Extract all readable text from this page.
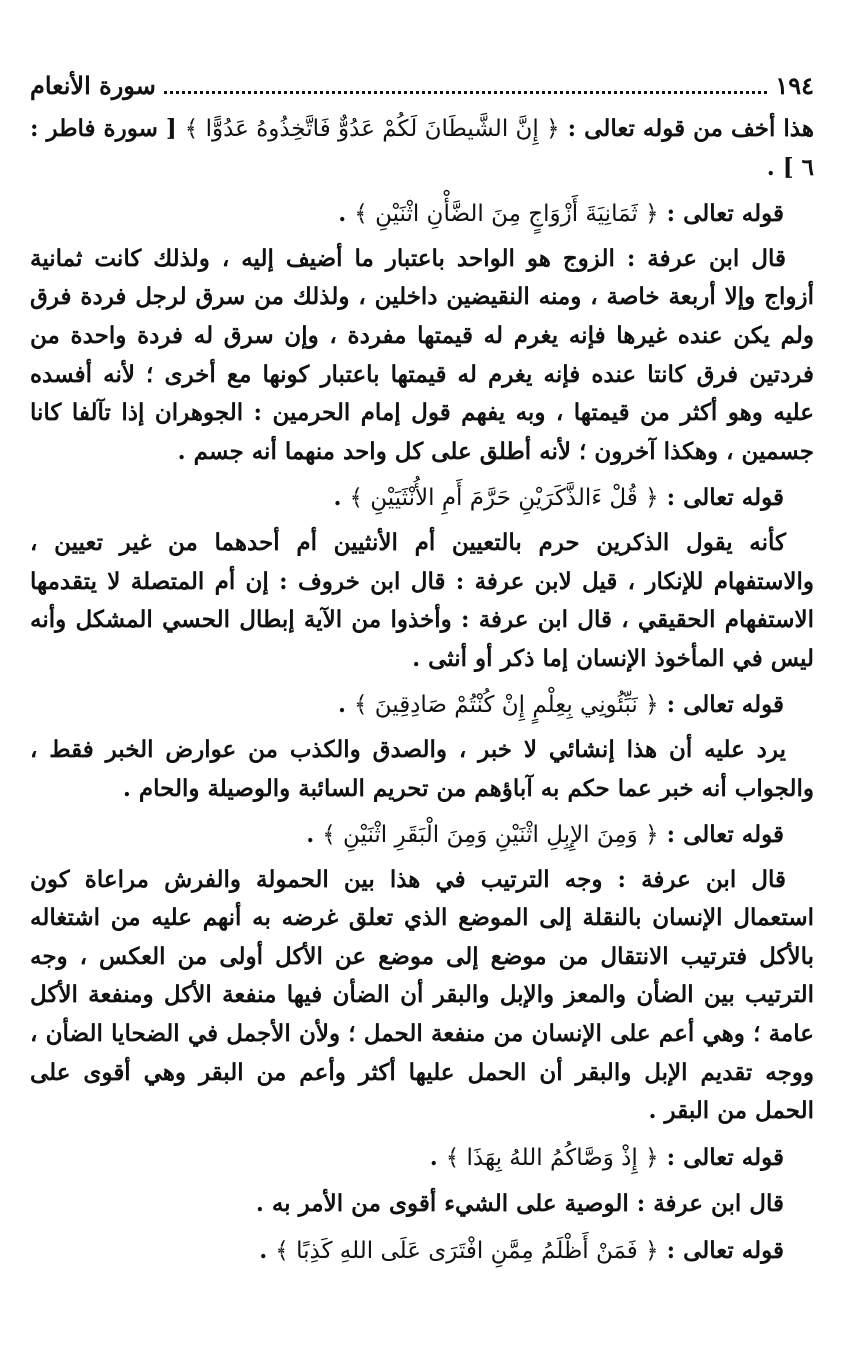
١٩٤
سورة الأنعام

هذا أخف من قوله تعالى : ﴿ إِنَّ الشَّيطَانَ لَكُمْ عَدُوٌّ فَاتَّخِذُوهُ عَدُوًّا ﴾ [ سورة فاطر : ٦ ] .

قوله تعالى : ﴿ ثَمَانِيَةَ أَزْوَاجٍ مِنَ الضَّأْنِ اثْنَيْنِ ﴾ .

قال ابن عرفة : الزوج هو الواحد باعتبار ما أضيف إليه ، ولذلك كانت ثمانية أزواج وإلا أربعة خاصة ، ومنه النقيضين داخلين ، ولذلك من سرق لرجل فردة فرق ولم يكن عنده غيرها فإنه يغرم له قيمتها مفردة ، وإن سرق له فردة واحدة من فردتين فرق كانتا عنده فإنه يغرم له قيمتها باعتبار كونها مع أخرى ؛ لأنه أفسده عليه وهو أكثر من قيمتها ، وبه يفهم قول إمام الحرمين : الجوهران إذا تآلفا كانا جسمين ، وهكذا آخرون ؛ لأنه أطلق على كل واحد منهما أنه جسم .

قوله تعالى : ﴿ قُلْ ءَالذَّكَرَيْنِ حَرَّمَ أَمِ الأُنْثَيَيْنِ ﴾ .

كأنه يقول الذكرين حرم بالتعيين أم الأنثيين أم أحدهما من غير تعيين ، والاستفهام للإنكار ، قيل لابن عرفة : قال ابن خروف : إن أم المتصلة لا يتقدمها الاستفهام الحقيقي ، قال ابن عرفة : وأخذوا من الآية إبطال الحسي المشكل وأنه ليس في المأخوذ الإنسان إما ذكر أو أنثى .

قوله تعالى : ﴿ نَبِّئُونِي بِعِلْمٍ إِنْ كُنْتُمْ صَادِقِينَ ﴾ .

يرد عليه أن هذا إنشائي لا خبر ، والصدق والكذب من عوارض الخبر فقط ، والجواب أنه خبر عما حكم به آباؤهم من تحريم السائبة والوصيلة والحام .

قوله تعالى : ﴿ وَمِنَ الإِبِلِ اثْنَيْنِ وَمِنَ الْبَقَرِ اثْنَيْنِ ﴾ .

قال ابن عرفة : وجه الترتيب في هذا بين الحمولة والفرش مراعاة كون استعمال الإنسان بالنقلة إلى الموضع الذي تعلق غرضه به أنهم عليه من اشتغاله بالأكل فترتيب الانتقال من موضع إلى موضع عن الأكل أولى من العكس ، وجه الترتيب بين الضأن والمعز والإبل والبقر أن الضأن فيها منفعة الأكل ومنفعة الأكل عامة ؛ وهي أعم على الإنسان من منفعة الحمل ؛ ولأن الأجمل في الضحايا الضأن ، ووجه تقديم الإبل والبقر أن الحمل عليها أكثر وأعم من البقر وهي أقوى على الحمل من البقر .

قوله تعالى : ﴿ إِذْ وَصَّاكُمُ اللهُ بِهَذَا ﴾ .

قال ابن عرفة : الوصية على الشيء أقوى من الأمر به .

قوله تعالى : ﴿ فَمَنْ أَظْلَمُ مِمَّنِ افْتَرَى عَلَى اللهِ كَذِبًا ﴾ .
